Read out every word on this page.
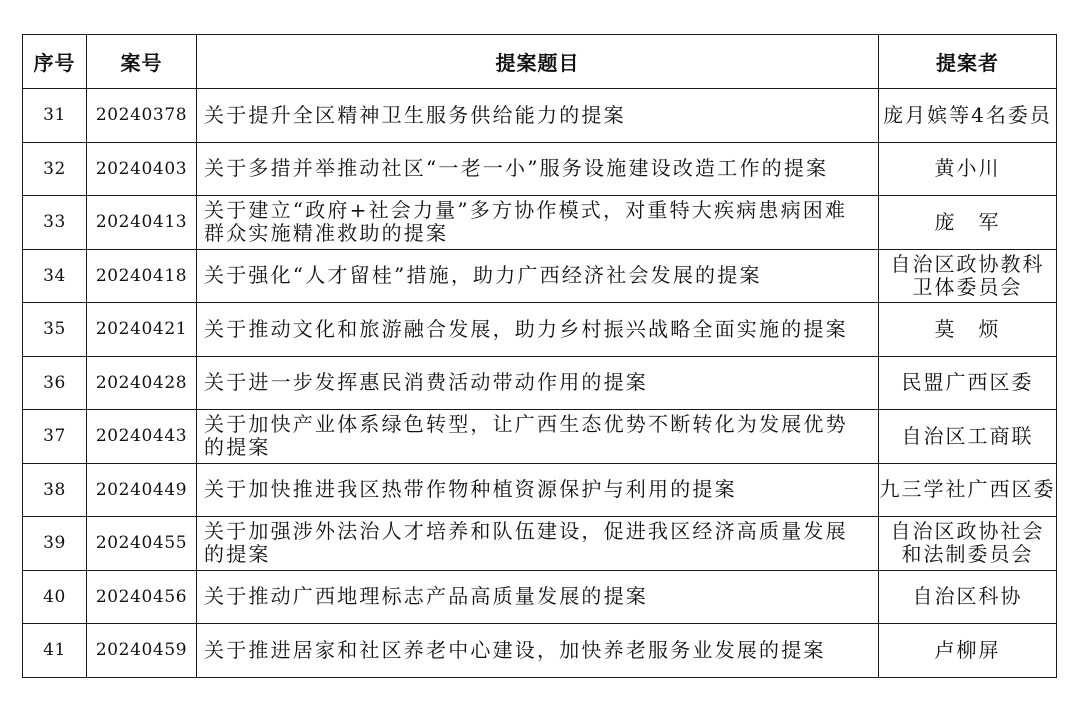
序号	案号	提案题目	提案者
31	20240378	关于提升全区精神卫生服务供给能力的提案	庞月嫔等4名委员

32	20240403	关于多措并举推动社区“一老一小”服务设施建设改造工作的提案	黄小川

33	20240413	关于建立“政府+社会力量”多方协作模式，对重特大疾病患病困难
群众实施精准救助的提案	庞　军

34	20240418	关于强化“人才留桂”措施，助力广西经济社会发展的提案	自治区政协教科
卫体委员会

35	20240421	关于推动文化和旅游融合发展，助力乡村振兴战略全面实施的提案	莫　烦

36	20240428	关于进一步发挥惠民消费活动带动作用的提案	民盟广西区委

37	20240443	关于加快产业体系绿色转型，让广西生态优势不断转化为发展优势
的提案	自治区工商联

38	20240449	关于加快推进我区热带作物种植资源保护与利用的提案	九三学社广西区委

39	20240455	关于加强涉外法治人才培养和队伍建设，促进我区经济高质量发展
的提案	自治区政协社会
和法制委员会

40	20240456	关于推动广西地理标志产品高质量发展的提案	自治区科协

41	20240459	关于推进居家和社区养老中心建设，加快养老服务业发展的提案	卢柳屏
